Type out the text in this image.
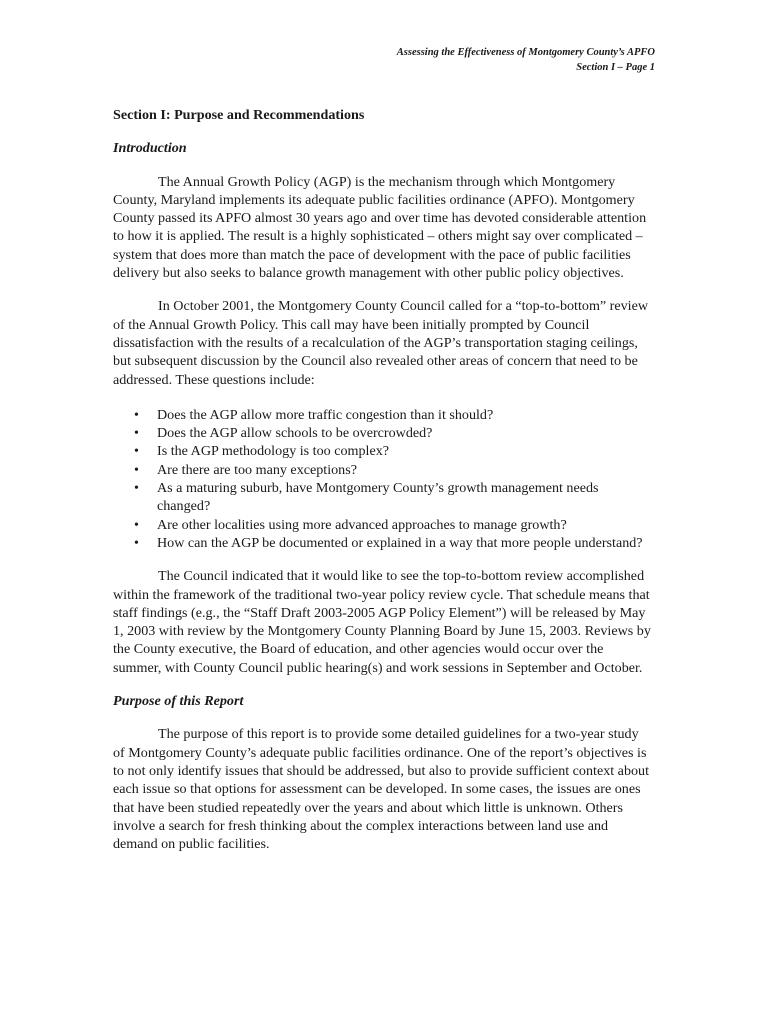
Assessing the Effectiveness of Montgomery County’s APFO
Section I – Page 1

Section I: Purpose and Recommendations

Introduction

The Annual Growth Policy (AGP) is the mechanism through which Montgomery County, Maryland implements its adequate public facilities ordinance (APFO). Montgomery County passed its APFO almost 30 years ago and over time has devoted considerable attention to how it is applied. The result is a highly sophisticated – others might say over complicated – system that does more than match the pace of development with the pace of public facilities delivery but also seeks to balance growth management with other public policy objectives.

In October 2001, the Montgomery County Council called for a “top-to-bottom” review of the Annual Growth Policy. This call may have been initially prompted by Council dissatisfaction with the results of a recalculation of the AGP’s transportation staging ceilings, but subsequent discussion by the Council also revealed other areas of concern that need to be addressed. These questions include:

• Does the AGP allow more traffic congestion than it should?
• Does the AGP allow schools to be overcrowded?
• Is the AGP methodology is too complex?
• Are there are too many exceptions?
• As a maturing suburb, have Montgomery County’s growth management needs changed?
• Are other localities using more advanced approaches to manage growth?
• How can the AGP be documented or explained in a way that more people understand?

The Council indicated that it would like to see the top-to-bottom review accomplished within the framework of the traditional two-year policy review cycle. That schedule means that staff findings (e.g., the “Staff Draft 2003-2005 AGP Policy Element”) will be released by May 1, 2003 with review by the Montgomery County Planning Board by June 15, 2003. Reviews by the County executive, the Board of education, and other agencies would occur over the summer, with County Council public hearing(s) and work sessions in September and October.

Purpose of this Report

The purpose of this report is to provide some detailed guidelines for a two-year study of Montgomery County’s adequate public facilities ordinance. One of the report’s objectives is to not only identify issues that should be addressed, but also to provide sufficient context about each issue so that options for assessment can be developed. In some cases, the issues are ones that have been studied repeatedly over the years and about which little is unknown. Others involve a search for fresh thinking about the complex interactions between land use and demand on public facilities.
